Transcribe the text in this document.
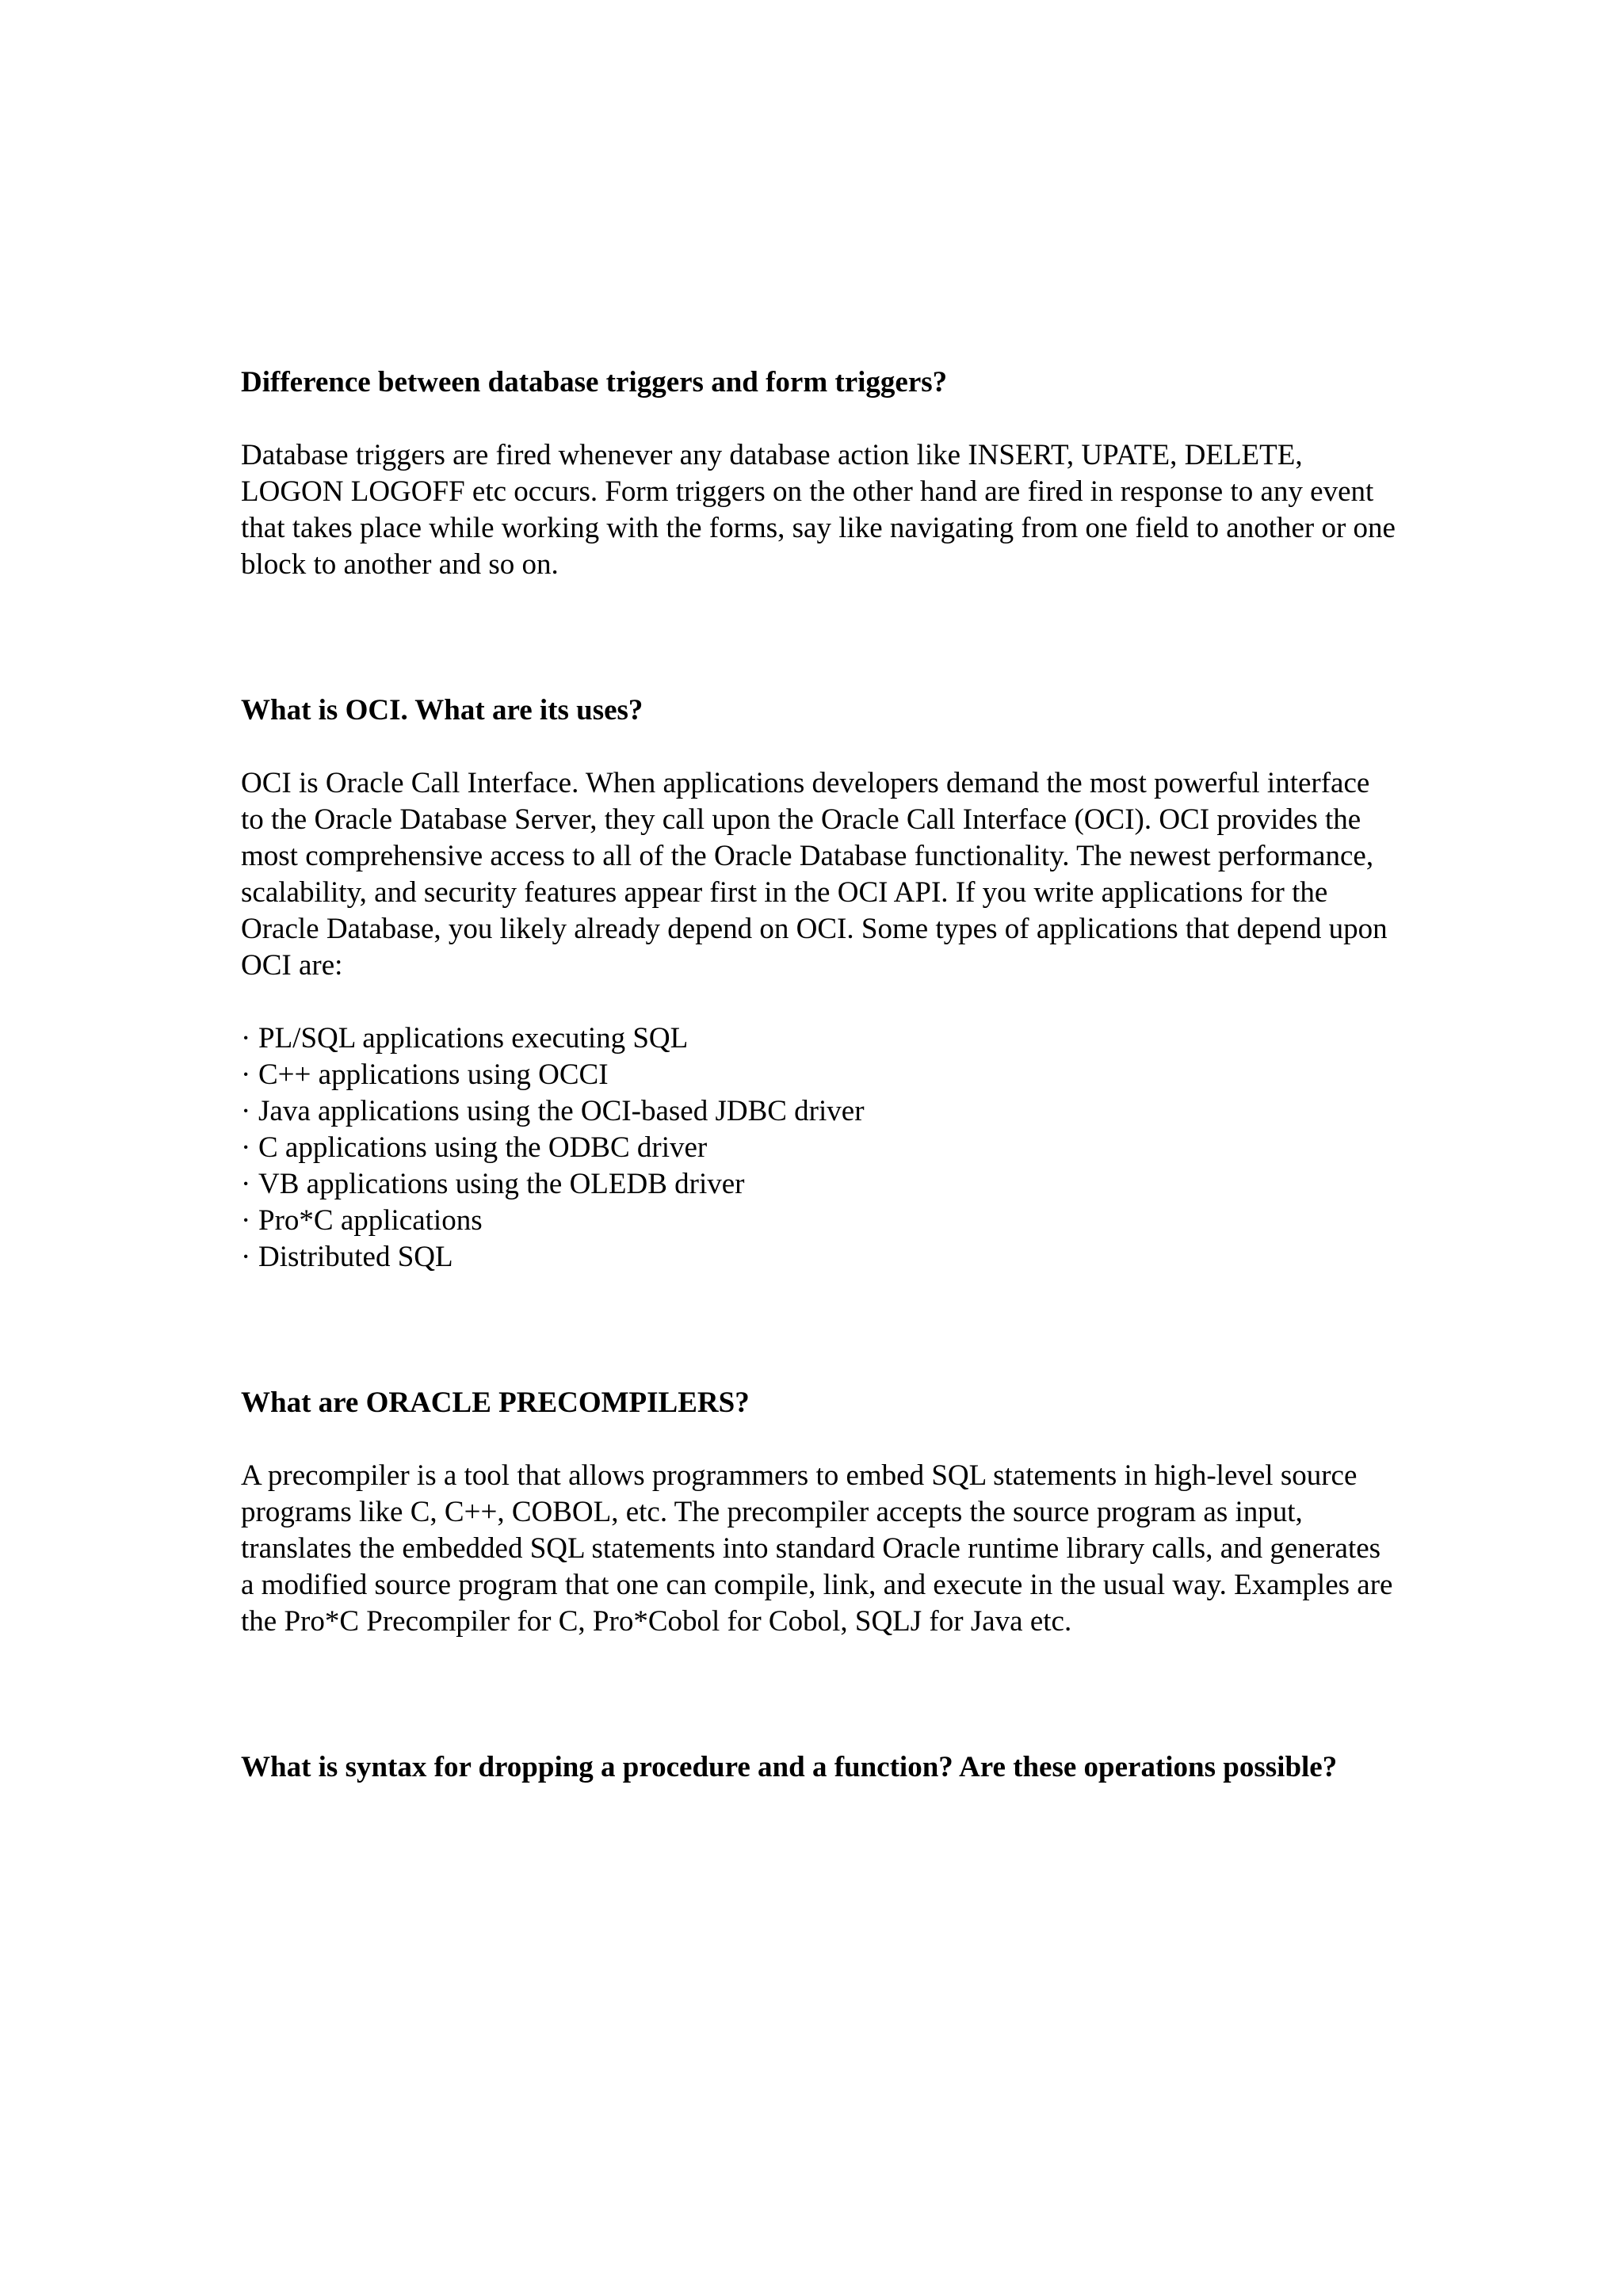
Difference between database triggers and form triggers?

Database triggers are fired whenever any database action like INSERT, UPATE, DELETE, LOGON LOGOFF etc occurs. Form triggers on the other hand are fired in response to any event that takes place while working with the forms, say like navigating from one field to another or one block to another and so on.

What is OCI. What are its uses?

OCI is Oracle Call Interface. When applications developers demand the most powerful interface to the Oracle Database Server, they call upon the Oracle Call Interface (OCI). OCI provides the most comprehensive access to all of the Oracle Database functionality. The newest performance, scalability, and security features appear first in the OCI API. If you write applications for the Oracle Database, you likely already depend on OCI. Some types of applications that depend upon OCI are:

· PL/SQL applications executing SQL
· C++ applications using OCCI
· Java applications using the OCI-based JDBC driver
· C applications using the ODBC driver
· VB applications using the OLEDB driver
· Pro*C applications
· Distributed SQL

What are ORACLE PRECOMPILERS?

A precompiler is a tool that allows programmers to embed SQL statements in high-level source programs like C, C++, COBOL, etc. The precompiler accepts the source program as input, translates the embedded SQL statements into standard Oracle runtime library calls, and generates a modified source program that one can compile, link, and execute in the usual way. Examples are the Pro*C Precompiler for C, Pro*Cobol for Cobol, SQLJ for Java etc.

What is syntax for dropping a procedure and a function? Are these operations possible?
